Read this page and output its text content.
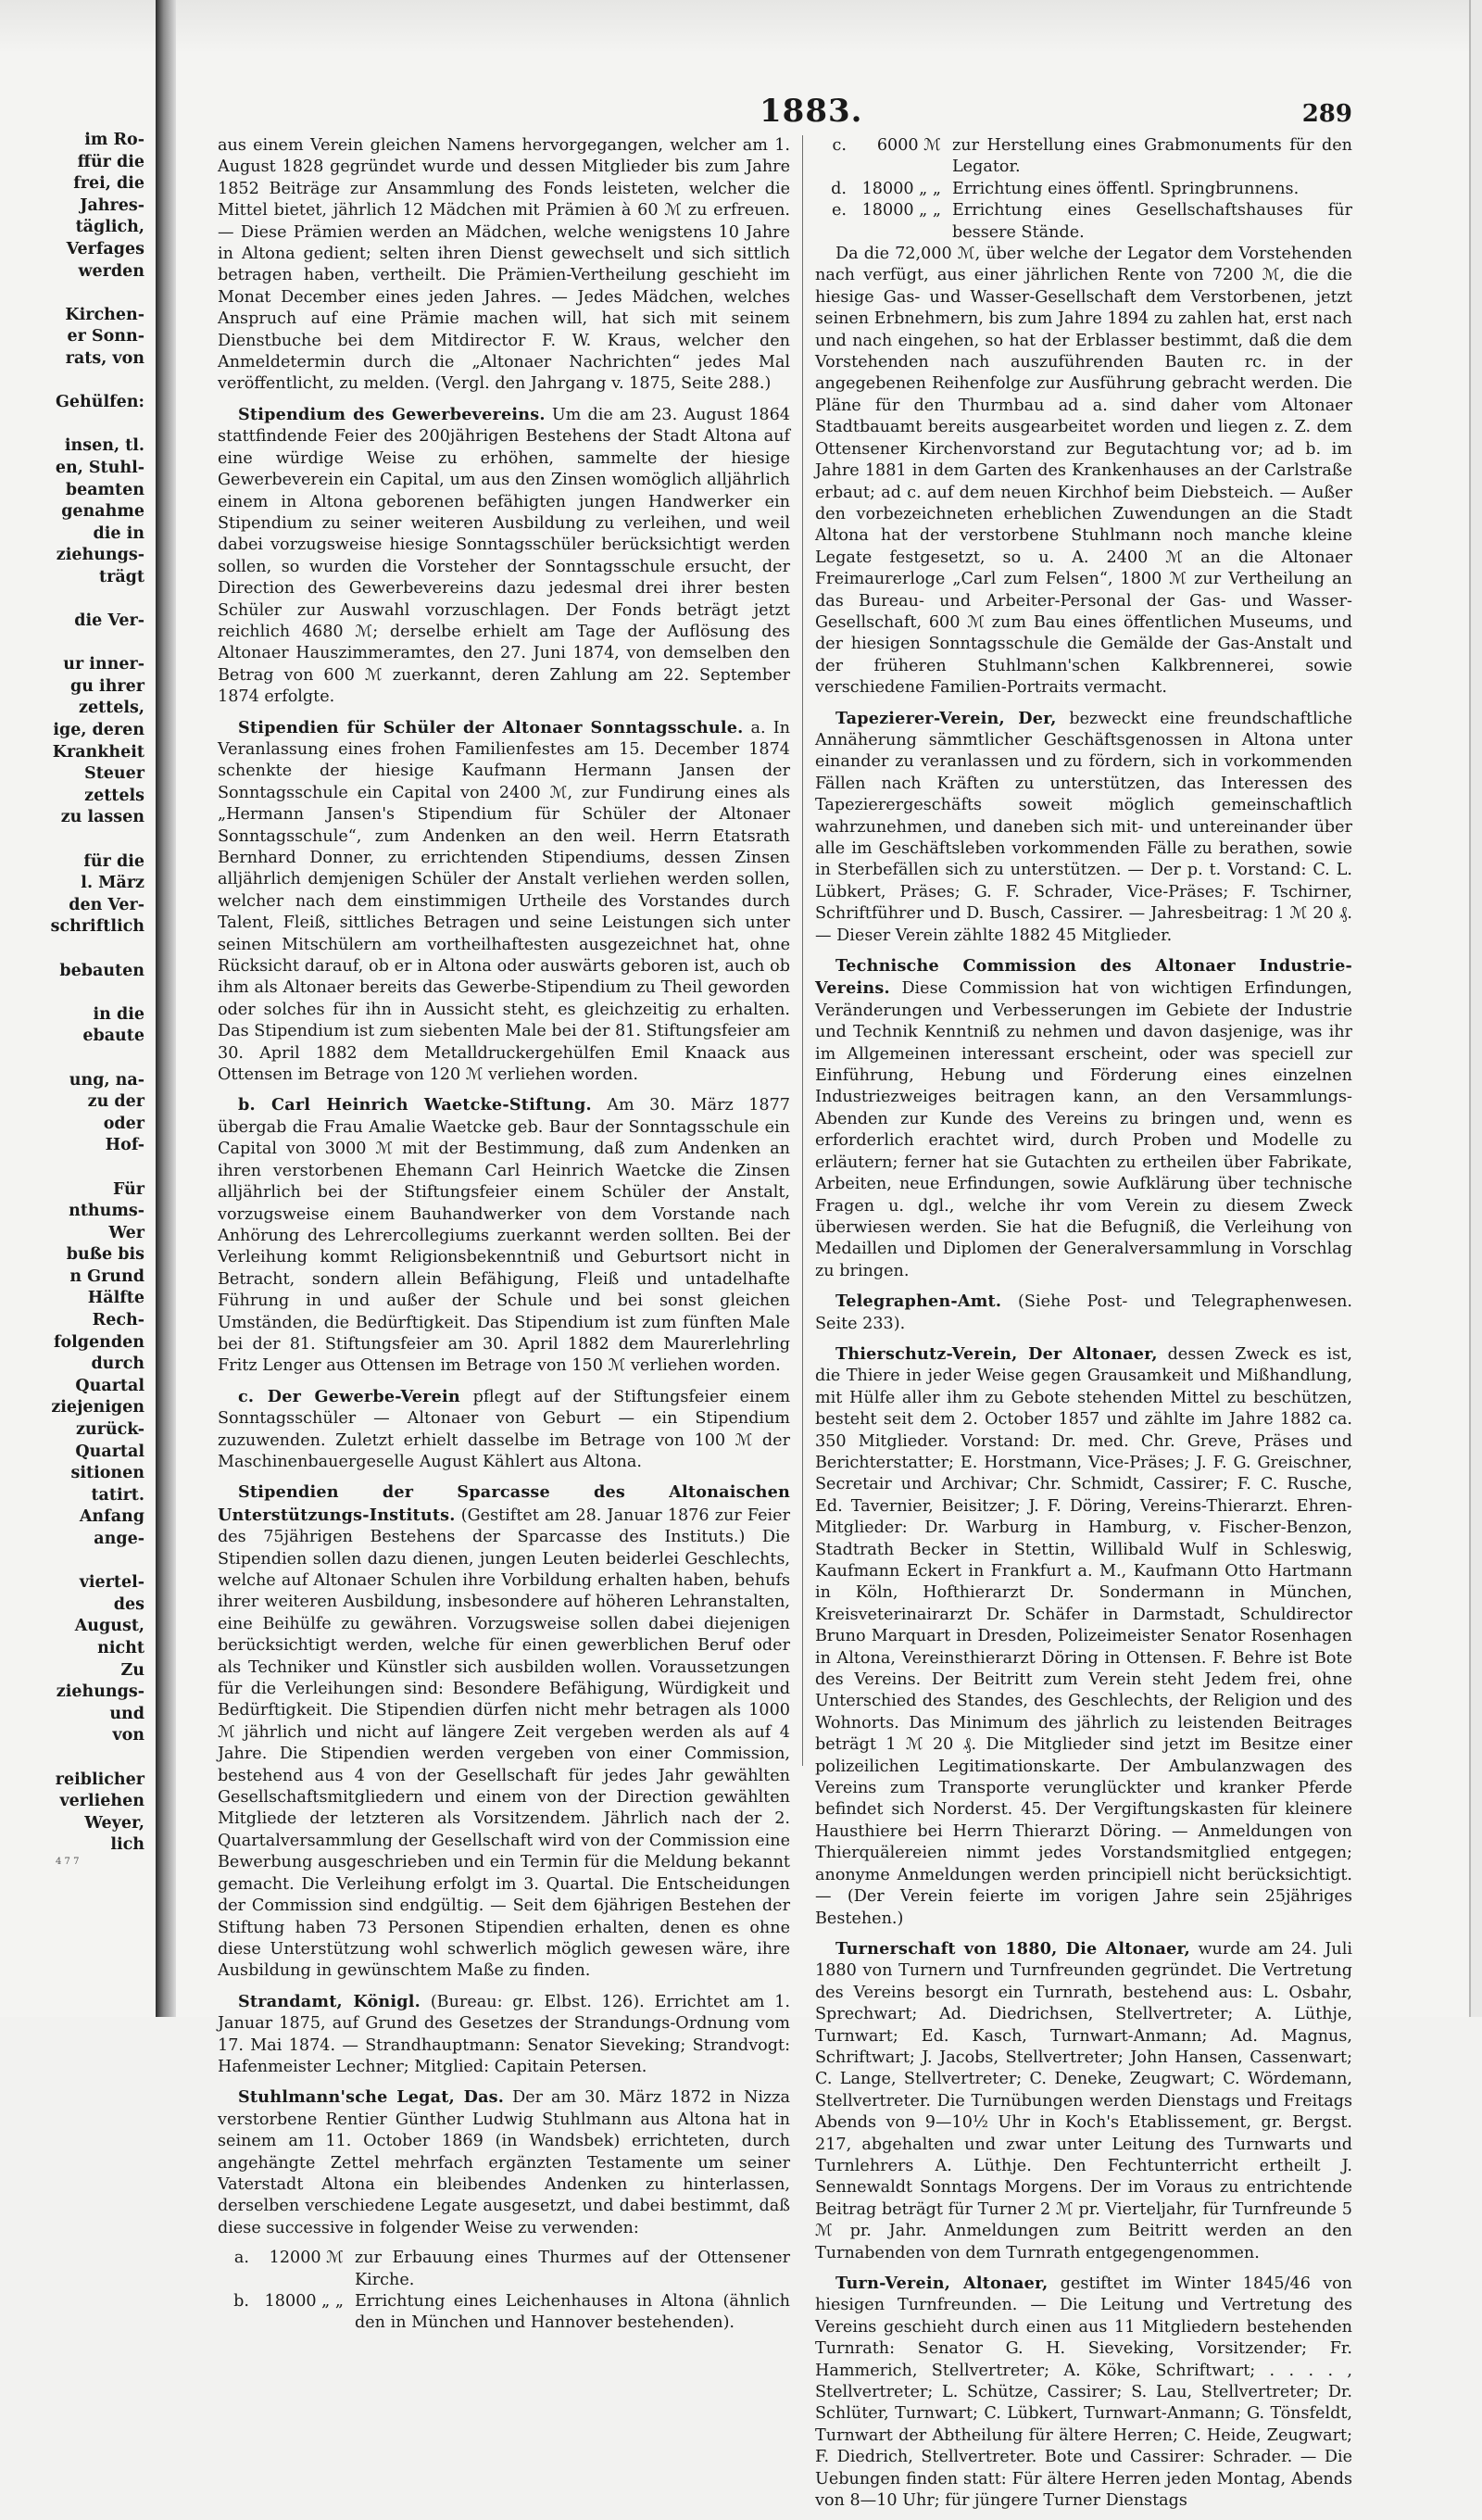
im Ro-
ffür die
frei, die
Jahres-
täglich,
Verfages
werden
Kirchen-
er Sonn-
rats, von
Gehülfen:
insen, tl.
en, Stuhl-
beamten
genahme
die in
ziehungs-
trägt
die Ver-
ur inner-
gu ihrer
zettels,
ige, deren
Krankheit
Steuer
zettels
zu lassen
für die
l. März
den Ver-
schriftlich
bebauten
in die
ebaute
ung, na-
zu der
oder
Hof-
Für
nthums-
Wer
buße bis
n Grund
Hälfte
Rech-
folgenden
durch
Quartal
ziejenigen
zurück-
Quartal
sitionen
tatirt.
Anfang
ange-
viertel-
des
August,
nicht
Zu
ziehungs-
und
von
reiblicher
verliehen
Weyer,
lich
1883.	289

aus einem Verein gleichen Namens hervorgegangen, welcher am 1. August 1828 gegründet wurde und dessen Mitglieder bis zum Jahre 1852 Beiträge zur Ansammlung des Fonds leisteten, welcher die Mittel bietet, jährlich 12 Mädchen mit Prämien à 60 ℳ zu erfreuen. — Diese Prämien werden an Mädchen, welche wenigstens 10 Jahre in Altona gedient; selten ihren Dienst gewechselt und sich sittlich betragen haben, vertheilt. Die Prämien-Vertheilung geschieht im Monat December eines jeden Jahres. — Jedes Mädchen, welches Anspruch auf eine Prämie machen will, hat sich mit seinem Dienstbuche bei dem Mitdirector F. W. Kraus, welcher den Anmeldetermin durch die „Altonaer Nachrichten“ jedes Mal veröffentlicht, zu melden. (Vergl. den Jahrgang v. 1875, Seite 288.)

Stipendium des Gewerbevereins. Um die am 23. August 1864 stattfindende Feier des 200jährigen Bestehens der Stadt Altona auf eine würdige Weise zu erhöhen, sammelte der hiesige Gewerbeverein ein Capital, um aus den Zinsen womöglich alljährlich einem in Altona geborenen befähigten jungen Handwerker ein Stipendium zu seiner weiteren Ausbildung zu verleihen, und weil dabei vorzugsweise hiesige Sonntagsschüler berücksichtigt werden sollen, so wurden die Vorsteher der Sonntagsschule ersucht, der Direction des Gewerbevereins dazu jedesmal drei ihrer besten Schüler zur Auswahl vorzuschlagen. Der Fonds beträgt jetzt reichlich 4680 ℳ; derselbe erhielt am Tage der Auflösung des Altonaer Hauszimmeramtes, den 27. Juni 1874, von demselben den Betrag von 600 ℳ zuerkannt, deren Zahlung am 22. September 1874 erfolgte.

Stipendien für Schüler der Altonaer Sonntagsschule. a. In Veranlassung eines frohen Familienfestes am 15. December 1874 schenkte der hiesige Kaufmann Hermann Jansen der Sonntagsschule ein Capital von 2400 ℳ, zur Fundirung eines als „Hermann Jansen's Stipendium für Schüler der Altonaer Sonntagsschule“, zum Andenken an den weil. Herrn Etatsrath Bernhard Donner, zu errichtenden Stipendiums, dessen Zinsen alljährlich demjenigen Schüler der Anstalt verliehen werden sollen, welcher nach dem einstimmigen Urtheile des Vorstandes durch Talent, Fleiß, sittliches Betragen und seine Leistungen sich unter seinen Mitschülern am vortheilhaftesten ausgezeichnet hat, ohne Rücksicht darauf, ob er in Altona oder auswärts geboren ist, auch ob ihm als Altonaer bereits das Gewerbe-Stipendium zu Theil geworden oder solches für ihn in Aussicht steht, es gleichzeitig zu erhalten. Das Stipendium ist zum siebenten Male bei der 81. Stiftungsfeier am 30. April 1882 dem Metalldruckergehülfen Emil Knaack aus Ottensen im Betrage von 120 ℳ verliehen worden.

b. Carl Heinrich Waetcke-Stiftung. Am 30. März 1877 übergab die Frau Amalie Waetcke geb. Baur der Sonntagsschule ein Capital von 3000 ℳ mit der Bestimmung, daß zum Andenken an ihren verstorbenen Ehemann Carl Heinrich Waetcke die Zinsen alljährlich bei der Stiftungsfeier einem Schüler der Anstalt, vorzugsweise einem Bauhandwerker von dem Vorstande nach Anhörung des Lehrercollegiums zuerkannt werden sollten. Bei der Verleihung kommt Religionsbekenntniß und Geburtsort nicht in Betracht, sondern allein Befähigung, Fleiß und untadelhafte Führung in und außer der Schule und bei sonst gleichen Umständen, die Bedürftigkeit. Das Stipendium ist zum fünften Male bei der 81. Stiftungsfeier am 30. April 1882 dem Maurerlehrling Fritz Lenger aus Ottensen im Betrage von 150 ℳ verliehen worden.

c. Der Gewerbe-Verein pflegt auf der Stiftungsfeier einem Sonntagsschüler — Altonaer von Geburt — ein Stipendium zuzuwenden. Zuletzt erhielt dasselbe im Betrage von 100 ℳ der Maschinenbauergeselle August Kählert aus Altona.

Stipendien der Sparcasse des Altonaischen Unterstützungs-Instituts. (Gestiftet am 28. Januar 1876 zur Feier des 75jährigen Bestehens der Sparcasse des Instituts.) Die Stipendien sollen dazu dienen, jungen Leuten beiderlei Geschlechts, welche auf Altonaer Schulen ihre Vorbildung erhalten haben, behufs ihrer weiteren Ausbildung, insbesondere auf höheren Lehranstalten, eine Beihülfe zu gewähren. Vorzugsweise sollen dabei diejenigen berücksichtigt werden, welche für einen gewerblichen Beruf oder als Techniker und Künstler sich ausbilden wollen. Voraussetzungen für die Verleihungen sind: Besondere Befähigung, Würdigkeit und Bedürftigkeit. Die Stipendien dürfen nicht mehr betragen als 1000 ℳ jährlich und nicht auf längere Zeit vergeben werden als auf 4 Jahre. Die Stipendien werden vergeben von einer Commission, bestehend aus 4 von der Gesellschaft für jedes Jahr gewählten Gesellschaftsmitgliedern und einem von der Direction gewählten Mitgliede der letzteren als Vorsitzendem. Jährlich nach der 2. Quartalversammlung der Gesellschaft wird von der Commission eine Bewerbung ausgeschrieben und ein Termin für die Meldung bekannt gemacht. Die Verleihung erfolgt im 3. Quartal. Die Entscheidungen der Commission sind endgültig. — Seit dem 6jährigen Bestehen der Stiftung haben 73 Personen Stipendien erhalten, denen es ohne diese Unterstützung wohl schwerlich möglich gewesen wäre, ihre Ausbildung in gewünschtem Maße zu finden.

Strandamt, Königl. (Bureau: gr. Elbst. 126). Errichtet am 1. Januar 1875, auf Grund des Gesetzes der Strandungs-Ordnung vom 17. Mai 1874. — Strandhauptmann: Senator Sieveking; Strandvogt: Hafenmeister Lechner; Mitglied: Capitain Petersen.

Stuhlmann'sche Legat, Das. Der am 30. März 1872 in Nizza verstorbene Rentier Günther Ludwig Stuhlmann aus Altona hat in seinem am 11. October 1869 (in Wandsbek) errichteten, durch angehängte Zettel mehrfach ergänzten Testamente um seiner Vaterstadt Altona ein bleibendes Andenken zu hinterlassen, derselben verschiedene Legate ausgesetzt, und dabei bestimmt, daß diese successive in folgender Weise zu verwenden:

a.	12000 ℳ zur Erbauung eines Thurmes auf der Ottensener Kirche.
b. 18000 „ „ Errichtung eines Leichenhauses in Altona (ähnlich den in München und Hannover bestehenden).
c.	6000 ℳ zur Herstellung eines Grabmonuments für den Legator.
d. 18000 „ „ Errichtung eines öffentl. Springbrunnens.
e. 18000 „ „ Errichtung eines Gesellschaftshauses für bessere Stände.

Da die 72,000 ℳ, über welche der Legator dem Vorstehenden nach verfügt, aus einer jährlichen Rente von 7200 ℳ, die die hiesige Gas- und Wasser-Gesellschaft dem Verstorbenen, jetzt seinen Erbnehmern, bis zum Jahre 1894 zu zahlen hat, erst nach und nach eingehen, so hat der Erblasser bestimmt, daß die dem Vorstehenden nach auszuführenden Bauten rc. in der angegebenen Reihenfolge zur Ausführung gebracht werden. Die Pläne für den Thurmbau ad a. sind daher vom Altonaer Stadtbauamt bereits ausgearbeitet worden und liegen z. Z. dem Ottensener Kirchenvorstand zur Begutachtung vor; ad b. im Jahre 1881 in dem Garten des Krankenhauses an der Carlstraße erbaut; ad c. auf dem neuen Kirchhof beim Diebsteich. — Außer den vorbezeichneten erheblichen Zuwendungen an die Stadt Altona hat der verstorbene Stuhlmann noch manche kleine Legate festgesetzt, so u. A. 2400 ℳ an die Altonaer Freimaurerloge „Carl zum Felsen“, 1800 ℳ zur Vertheilung an das Bureau- und Arbeiter-Personal der Gas- und Wasser-Gesellschaft, 600 ℳ zum Bau eines öffentlichen Museums, und der hiesigen Sonntagsschule die Gemälde der Gas-Anstalt und der früheren Stuhlmann'schen Kalkbrennerei, sowie verschiedene Familien-Portraits vermacht.

Tapezierer-Verein, Der, bezweckt eine freundschaftliche Annäherung sämmtlicher Geschäftsgenossen in Altona unter einander zu veranlassen und zu fördern, sich in vorkommenden Fällen nach Kräften zu unterstützen, das Interessen des Tapezierergeschäfts soweit möglich gemeinschaftlich wahrzunehmen, und daneben sich mit- und untereinander über alle im Geschäftsleben vorkommenden Fälle zu berathen, sowie in Sterbefällen sich zu unterstützen. — Der p. t. Vorstand: C. L. Lübkert, Präses; G. F. Schrader, Vice-Präses; F. Tschirner, Schriftführer und D. Busch, Cassirer. — Jahresbeitrag: 1 ℳ 20 ₰. — Dieser Verein zählte 1882 45 Mitglieder.

Technische Commission des Altonaer Industrie-Vereins. Diese Commission hat von wichtigen Erfindungen, Veränderungen und Verbesserungen im Gebiete der Industrie und Technik Kenntniß zu nehmen und davon dasjenige, was ihr im Allgemeinen interessant erscheint, oder was speciell zur Einführung, Hebung und Förderung eines einzelnen Industriezweiges beitragen kann, an den Versammlungs-Abenden zur Kunde des Vereins zu bringen und, wenn es erforderlich erachtet wird, durch Proben und Modelle zu erläutern; ferner hat sie Gutachten zu ertheilen über Fabrikate, Arbeiten, neue Erfindungen, sowie Aufklärung über technische Fragen u. dgl., welche ihr vom Verein zu diesem Zweck überwiesen werden. Sie hat die Befugniß, die Verleihung von Medaillen und Diplomen der Generalversammlung in Vorschlag zu bringen.

Telegraphen-Amt. (Siehe Post- und Telegraphenwesen. Seite 233).

Thierschutz-Verein, Der Altonaer, dessen Zweck es ist, die Thiere in jeder Weise gegen Grausamkeit und Mißhandlung, mit Hülfe aller ihm zu Gebote stehenden Mittel zu beschützen, besteht seit dem 2. October 1857 und zählte im Jahre 1882 ca. 350 Mitglieder. Vorstand: Dr. med. Chr. Greve, Präses und Berichterstatter; E. Horstmann, Vice-Präses; J. F. G. Greischner, Secretair und Archivar; Chr. Schmidt, Cassirer; F. C. Rusche, Ed. Tavernier, Beisitzer; J. F. Döring, Vereins-Thierarzt. Ehren-Mitglieder: Dr. Warburg in Hamburg, v. Fischer-Benzon, Stadtrath Becker in Stettin, Willibald Wulf in Schleswig, Kaufmann Eckert in Frankfurt a. M., Kaufmann Otto Hartmann in Köln, Hofthierarzt Dr. Sondermann in München, Kreisveterinairarzt Dr. Schäfer in Darmstadt, Schuldirector Bruno Marquart in Dresden, Polizeimeister Senator Rosenhagen in Altona, Vereinsthierarzt Döring in Ottensen. F. Behre ist Bote des Vereins. Der Beitritt zum Verein steht Jedem frei, ohne Unterschied des Standes, des Geschlechts, der Religion und des Wohnorts. Das Minimum des jährlich zu leistenden Beitrages beträgt 1 ℳ 20 ₰. Die Mitglieder sind jetzt im Besitze einer polizeilichen Legitimationskarte. Der Ambulanzwagen des Vereins zum Transporte verunglückter und kranker Pferde befindet sich Norderst. 45. Der Vergiftungskasten für kleinere Hausthiere bei Herrn Thierarzt Döring. — Anmeldungen von Thierquälereien nimmt jedes Vorstandsmitglied entgegen; anonyme Anmeldungen werden principiell nicht berücksichtigt. — (Der Verein feierte im vorigen Jahre sein 25jähriges Bestehen.)

Turnerschaft von 1880, Die Altonaer, wurde am 24. Juli 1880 von Turnern und Turnfreunden gegründet. Die Vertretung des Vereins besorgt ein Turnrath, bestehend aus: L. Osbahr, Sprechwart; Ad. Diedrichsen, Stellvertreter; A. Lüthje, Turnwart; Ed. Kasch, Turnwart-Anmann; Ad. Magnus, Schriftwart; J. Jacobs, Stellvertreter; John Hansen, Cassenwart; C. Lange, Stellvertreter; C. Deneke, Zeugwart; C. Wördemann, Stellvertreter. Die Turnübungen werden Dienstags und Freitags Abends von 9—10½ Uhr in Koch's Etablissement, gr. Bergst. 217, abgehalten und zwar unter Leitung des Turnwarts und Turnlehrers A. Lüthje. Den Fechtunterricht ertheilt J. Sennewaldt Sonntags Morgens. Der im Voraus zu entrichtende Beitrag beträgt für Turner 2 ℳ pr. Vierteljahr, für Turnfreunde 5 ℳ pr. Jahr. Anmeldungen zum Beitritt werden an den Turnabenden von dem Turnrath entgegengenommen.

Turn-Verein, Altonaer, gestiftet im Winter 1845/46 von hiesigen Turnfreunden. — Die Leitung und Vertretung des Vereins geschieht durch einen aus 11 Mitgliedern bestehenden Turnrath: Senator G. H. Sieveking, Vorsitzender; Fr. Hammerich, Stellvertreter; A. Köke, Schriftwart; . . . . , Stellvertreter; L. Schütze, Cassirer; S. Lau, Stellvertreter; Dr. Schlüter, Turnwart; C. Lübkert, Turnwart-Anmann; G. Tönsfeldt, Turnwart der Abtheilung für ältere Herren; C. Heide, Zeugwart; F. Diedrich, Stellvertreter. Bote und Cassirer: Schrader. — Die Uebungen finden statt: Für ältere Herren jeden Montag, Abends von 8—10 Uhr; für jüngere Turner Dienstags

4 7 7
